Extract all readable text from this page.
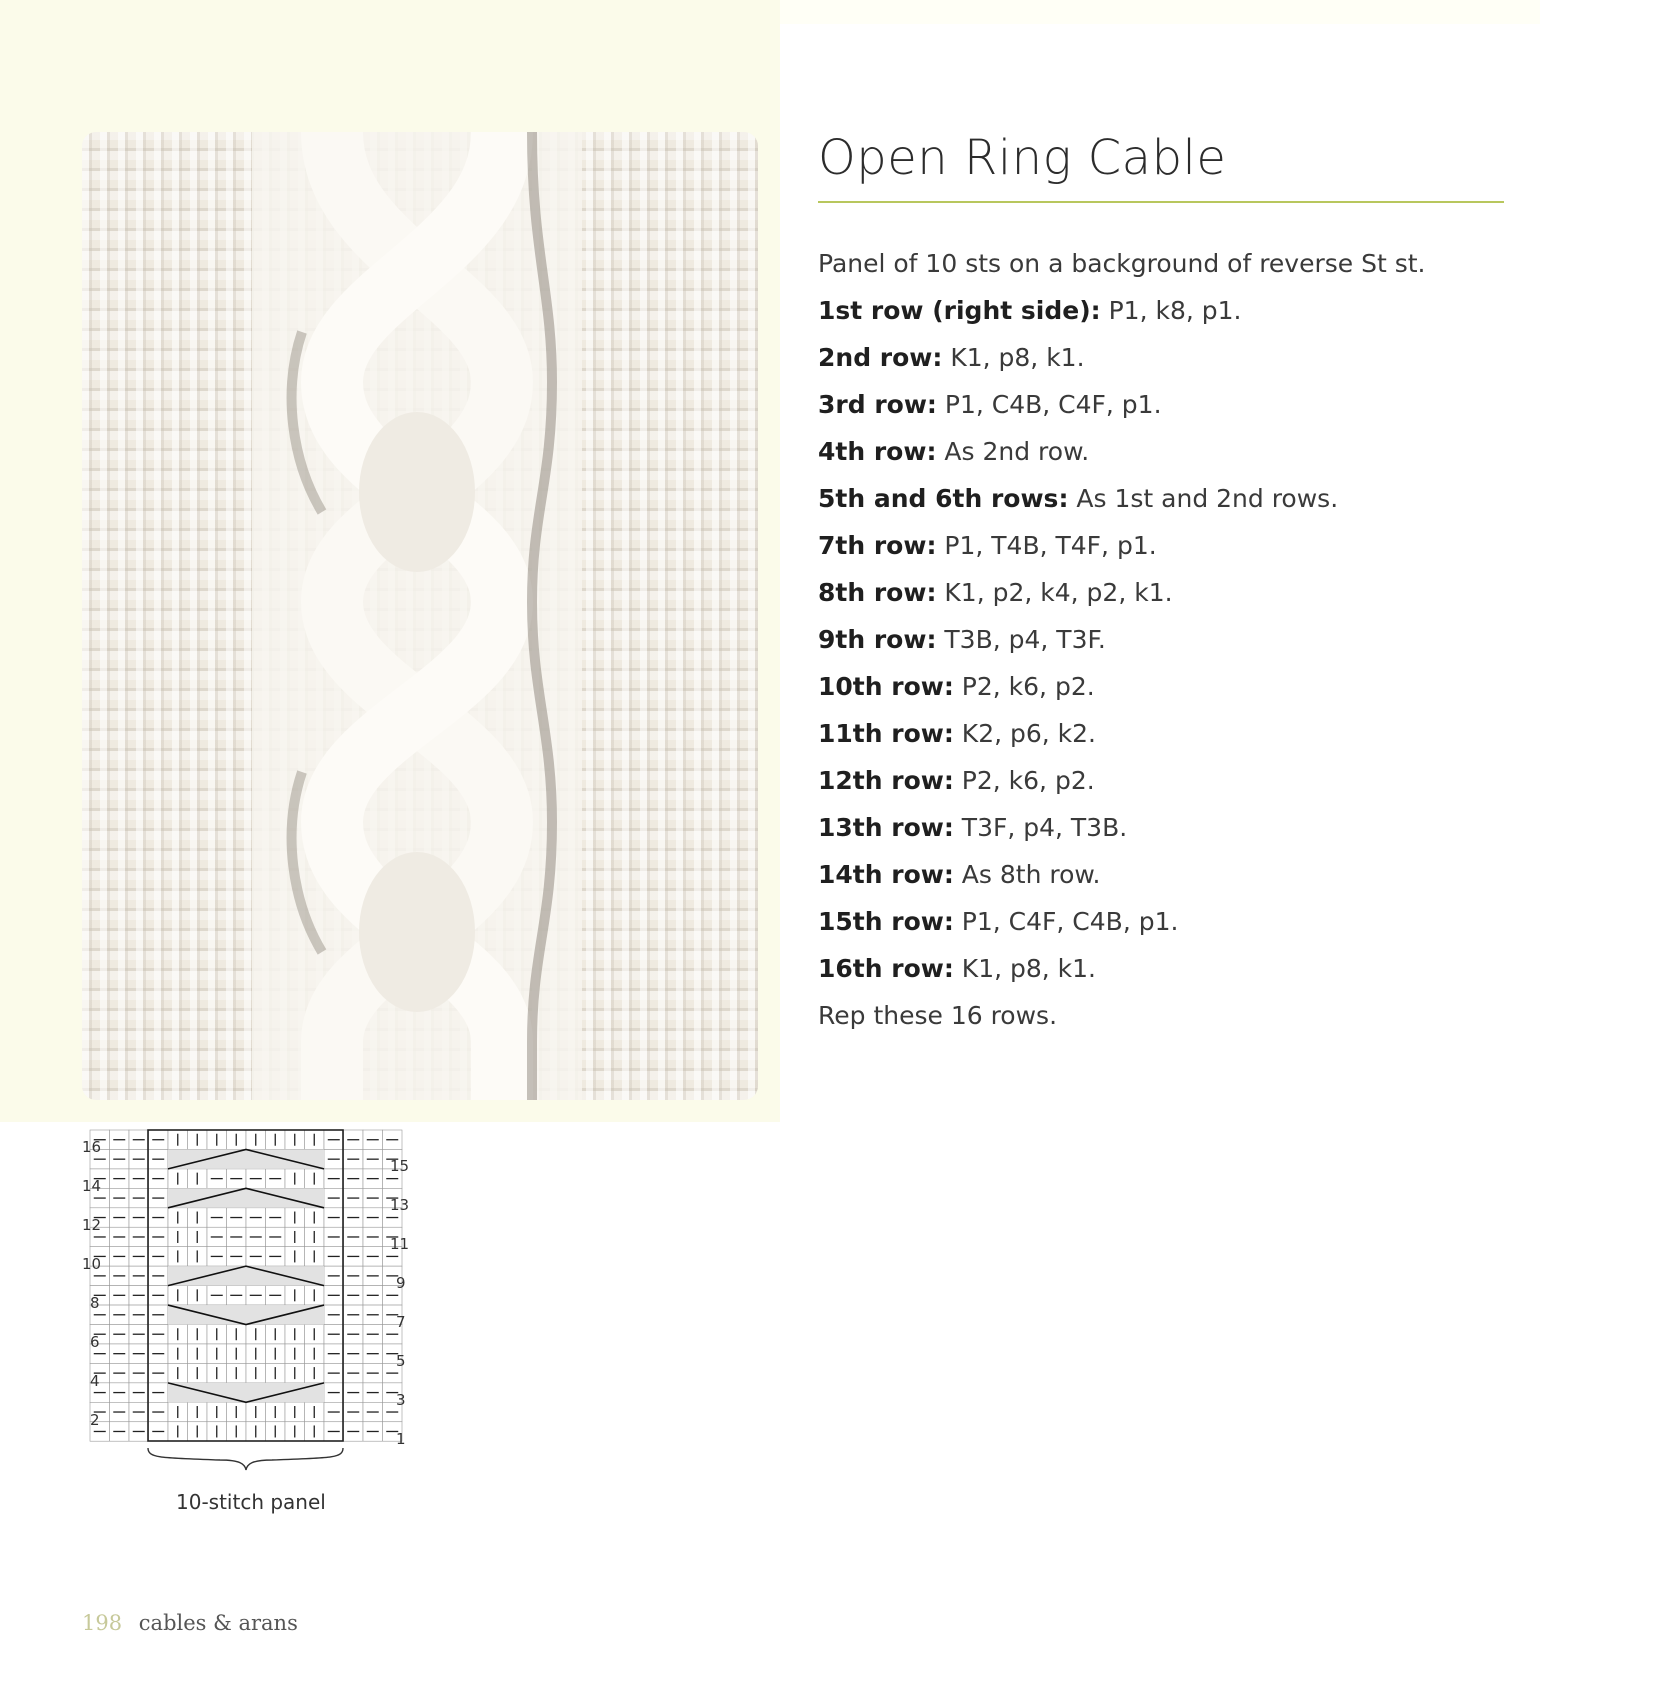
Open Ring Cable
Panel of 10 sts on a background of reverse St st.
1st row (right side): P1, k8, p1.
2nd row: K1, p8, k1.
3rd row: P1, C4B, C4F, p1.
4th row: As 2nd row.
5th and 6th rows: As 1st and 2nd rows.
7th row: P1, T4B, T4F, p1.
8th row: K1, p2, k4, p2, k1.
9th row: T3B, p4, T3F.
10th row: P2, k6, p2.
11th row: K2, p6, k2.
12th row: P2, k6, p2.
13th row: T3F, p4, T3B.
14th row: As 8th row.
15th row: P1, C4F, C4B, p1.
16th row: K1, p8, k1.
Rep these 16 rows.
16
14
12
10
8
6
4
2
15
13
11
9
7
5
3
1
10-stitch panel
198 cables & arans
